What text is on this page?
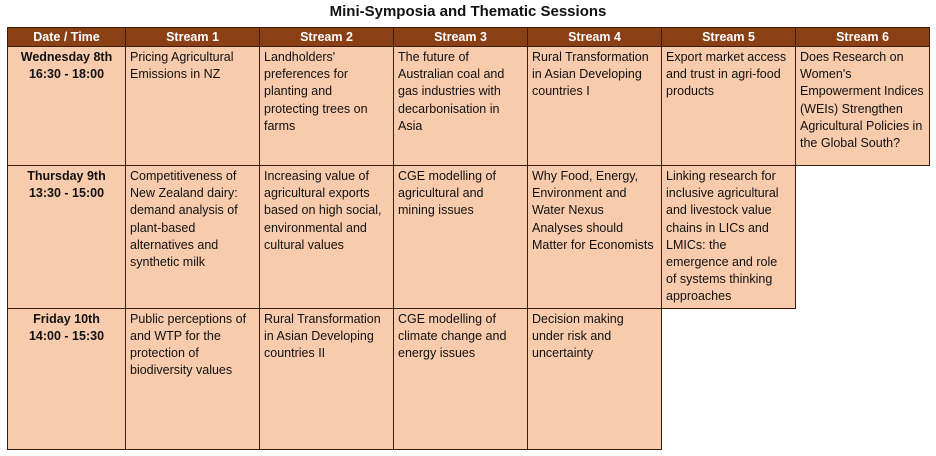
Mini-Symposia and Thematic Sessions
Date / Time	Stream 1	Stream 2	Stream 3	Stream 4	Stream 5	Stream 6

Wednesday 8th
16:30 - 18:00	Pricing Agricultural Emissions in NZ	Landholders' preferences for planting and protecting trees on farms	The future of Australian coal and gas industries with decarbonisation in Asia	Rural Transformation in Asian Developing countries I	Export market access and trust in agri-food products	Does Research on Women's Empowerment Indices (WEIs) Strengthen Agricultural Policies in the Global South?

Thursday 9th
13:30 - 15:00	Competitiveness of New Zealand dairy: demand analysis of plant-based alternatives and synthetic milk	Increasing value of agricultural exports based on high social, environmental and cultural values	CGE modelling of agricultural and mining issues	Why Food, Energy, Environment and Water Nexus Analyses should Matter for Economists	Linking research for inclusive agricultural and livestock value chains in LICs and LMICs: the emergence and role of systems thinking approaches	

Friday 10th
14:00 - 15:30	Public perceptions of and WTP for the protection of biodiversity values	Rural Transformation in Asian Developing countries II	CGE modelling of climate change and energy issues	Decision making under risk and uncertainty		
